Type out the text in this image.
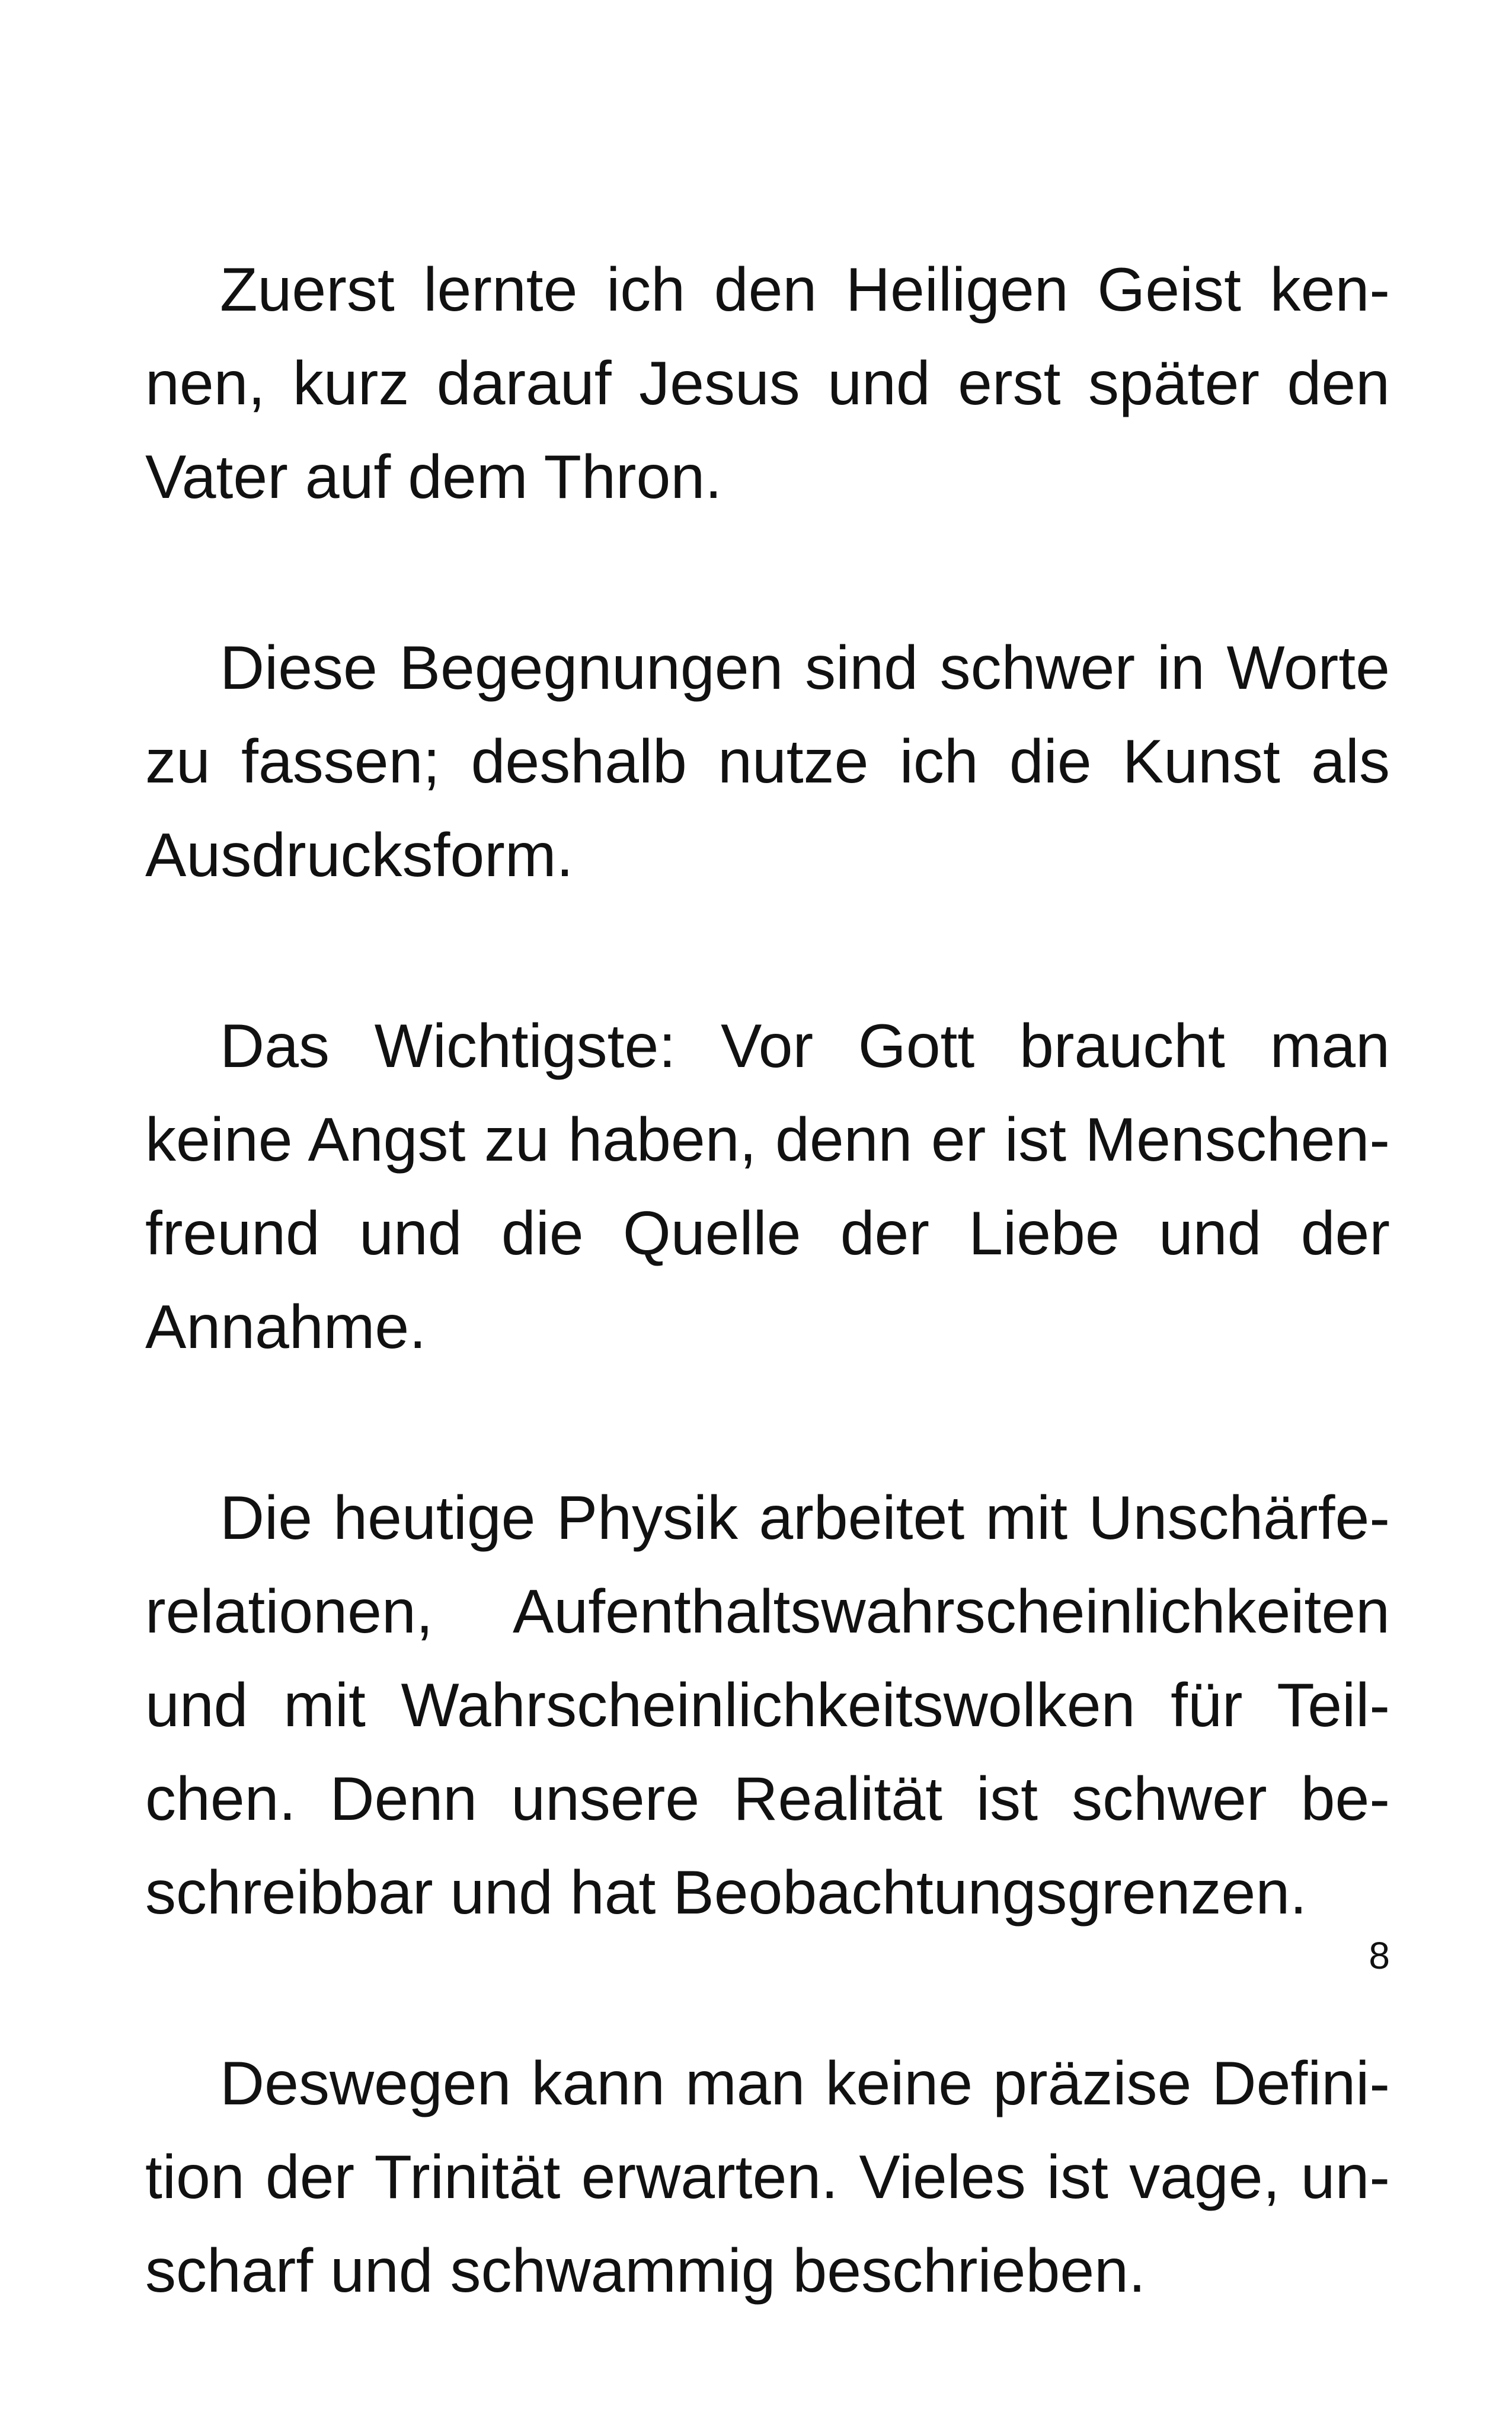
Zuerst lernte ich den Heiligen Geist kennen, kurz darauf Jesus und erst später den Vater auf dem Thron.

Diese Begegnungen sind schwer in Worte zu fassen; deshalb nutze ich die Kunst als Ausdrucksform.

Das Wichtigste: Vor Gott braucht man keine Angst zu haben, denn er ist Menschenfreund und die Quelle der Liebe und der Annahme.

Die heutige Physik arbeitet mit Unschärferelationen, Aufenthaltswahrscheinlichkeiten und mit Wahrscheinlichkeitswolken für Teilchen. Denn unsere Realität ist schwer beschreibbar und hat Beobachtungsgrenzen.

Deswegen kann man keine präzise Definition der Trinität erwarten. Vieles ist vage, unscharf und schwammig beschrieben.

8
